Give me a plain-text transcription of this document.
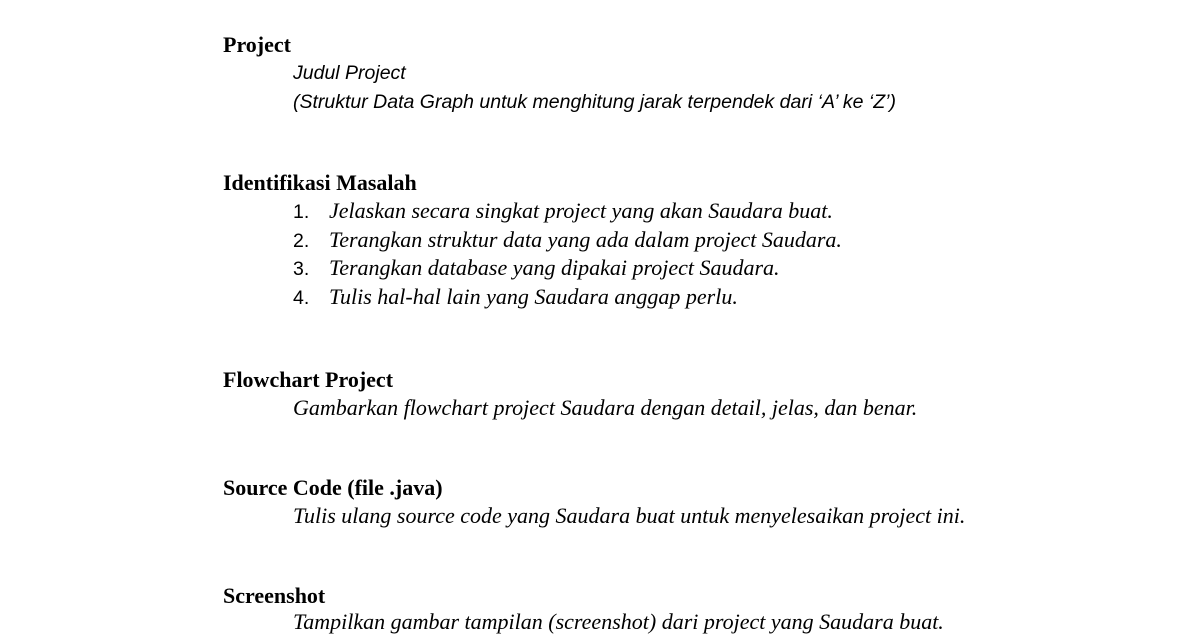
Project
Judul Project
(Struktur Data Graph untuk menghitung jarak terpendek dari ‘A’ ke ‘Z’)
Identifikasi Masalah
1. Jelaskan secara singkat project yang akan Saudara buat.
2. Terangkan struktur data yang ada dalam project Saudara.
3. Terangkan database yang dipakai project Saudara.
4. Tulis hal-hal lain yang Saudara anggap perlu.
Flowchart Project
Gambarkan flowchart project Saudara dengan detail, jelas, dan benar.
Source Code (file .java)
Tulis ulang source code yang Saudara buat untuk menyelesaikan project ini.
Screenshot
Tampilkan gambar tampilan (screenshot) dari project yang Saudara buat.
